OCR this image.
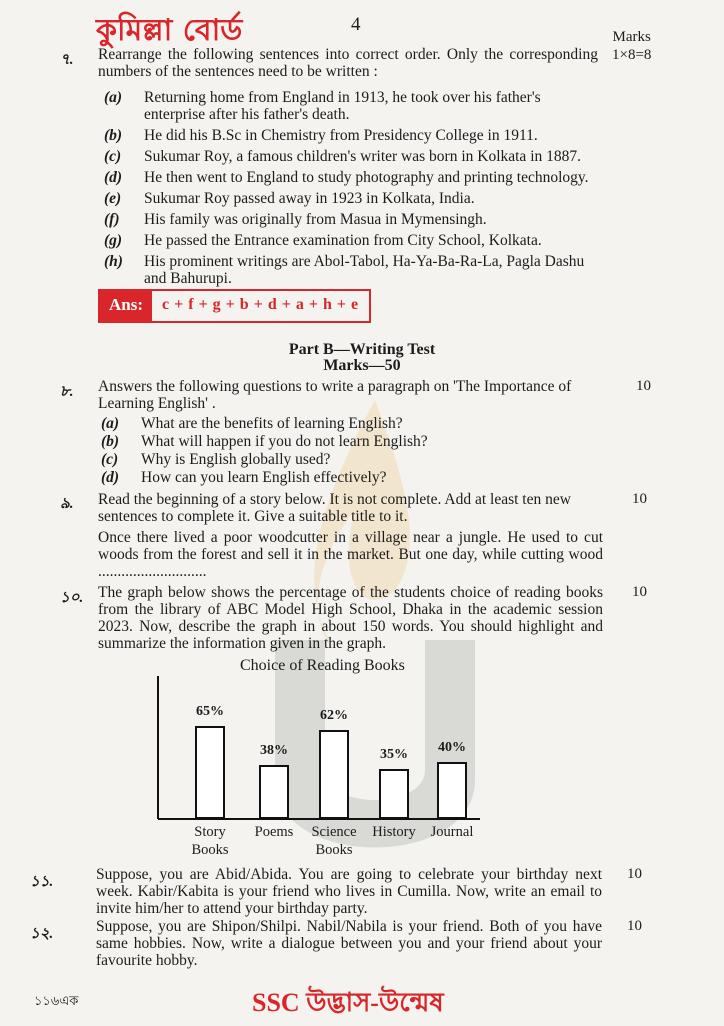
কুমিল্লা বোর্ড	4
Marks
1×8=8
৭. Rearrange the following sentences into correct order. Only the corresponding numbers of the sentences need to be written :
(a)	Returning home from England in 1913, he took over his father's enterprise after his father's death.
(b)	He did his B.Sc in Chemistry from Presidency College in 1911.
(c)	Sukumar Roy, a famous children's writer was born in Kolkata in 1887.
(d)	He then went to England to study photography and printing technology.
(e)	Sukumar Roy passed away in 1923 in Kolkata, India.
(f)	His family was originally from Masua in Mymensingh.
(g)	He passed the Entrance examination from City School, Kolkata.
(h)	His prominent writings are Abol-Tabol, Ha-Ya-Ba-Ra-La, Pagla Dashu and Bahurupi.
Ans:	c + f + g + b + d + a + h + e
Part B—Writing Test
Marks—50
৮. Answers the following questions to write a paragraph on 'The Importance of Learning English' .
10
(a)	What are the benefits of learning English?
(b)	What will happen if you do not learn English?
(c)	Why is English globally used?
(d)	How can you learn English effectively?
৯. Read the beginning of a story below. It is not complete. Add at least ten new sentences to complete it. Give a suitable title to it.
10
Once there lived a poor woodcutter in a village near a jungle. He used to cut woods from the forest and sell it in the market. But one day, while cutting wood ............................
১০. The graph below shows the percentage of the students choice of reading books from the library of ABC Model High School, Dhaka in the academic session 2023. Now, describe the graph in about 150 words. You should highlight and summarize the information given in the graph.
10
Choice of Reading Books
65%
Story
Books
38%
Poems
62%
Science
Books
35%
History
40%
Journal
১১.	Suppose, you are Abid/Abida. You are going to celebrate your birthday next week. Kabir/Kabita is your friend who lives in Cumilla. Now, write an email to invite him/her to attend your birthday party.
10
১২.	Suppose, you are Shipon/Shilpi. Nabil/Nabila is your friend. Both of you have same hobbies. Now, write a dialogue between you and your friend about your favourite hobby.
10
১১৬এক	SSC উদ্ভাস-উন্মেষ
